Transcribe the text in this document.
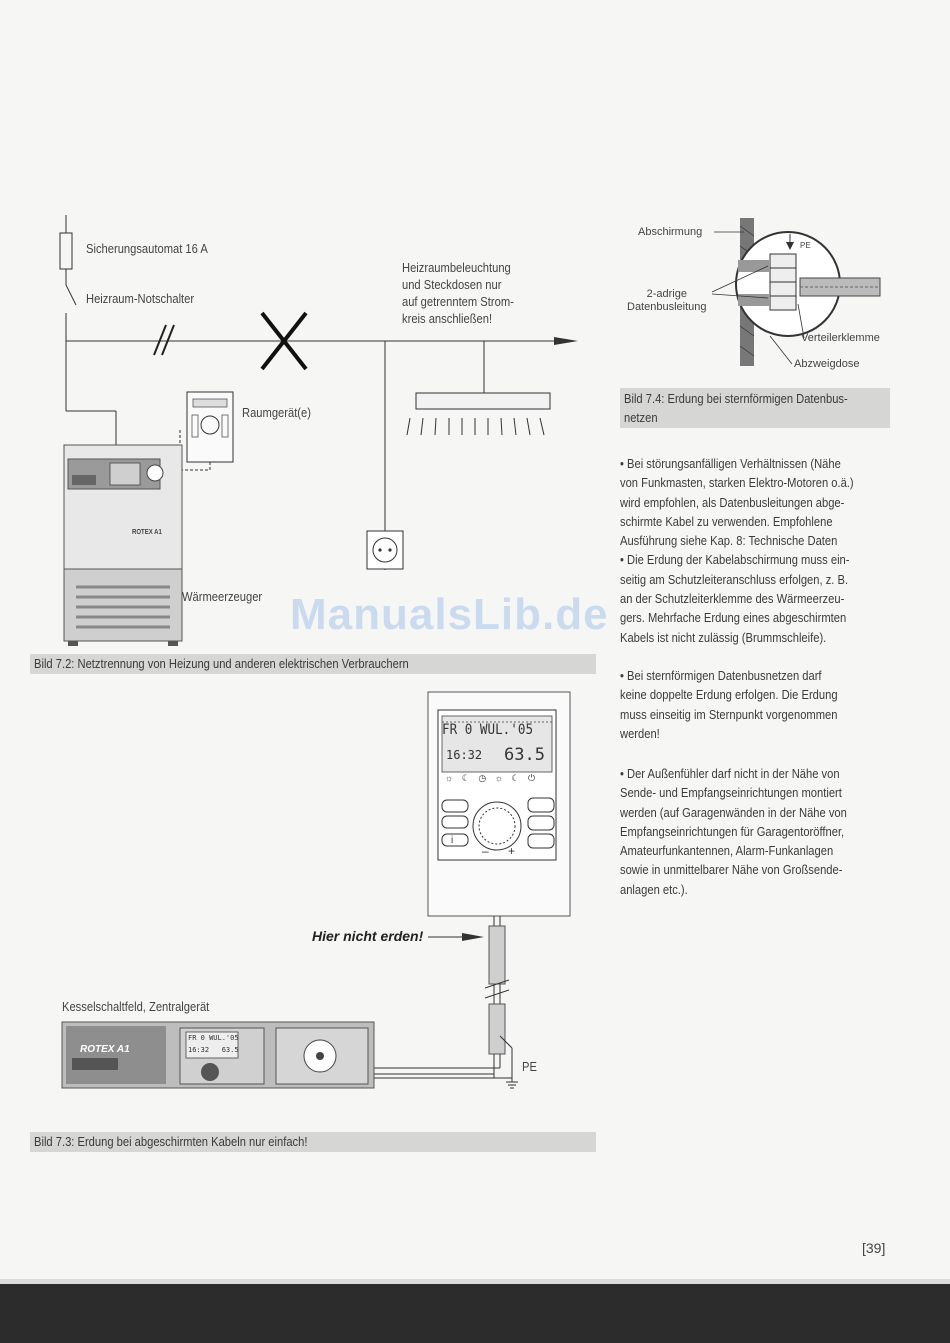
Sicherungsautomat 16 A
Heizraum-Notschalter
Heizraumbeleuchtung
und Steckdosen nur
auf getrenntem Strom-
kreis anschließen!
Raumgerät(e)
Wärmeerzeuger
ROTEX A1
Bild 7.2: Netztrennung von Heizung und anderen elektrischen Verbrauchern
– +
FR 0 WUL.'05
16:32 63.5
☼ ☾ ◷ ☼ ☾ ⏻
i
Hier nicht erden!
Kesselschaltfeld, Zentralgerät
ROTEX A1
FR 0 WUL.'05
16:32   63.5
PE
Bild 7.3: Erdung bei abgeschirmten Kabeln nur einfach!
Abschirmung
PE
2-adrige
Datenbusleitung
Verteilerklemme
Abzweigdose
Bild 7.4: Erdung bei sternförmigen Datenbus-
netzen

• Bei störungsanfälligen Verhältnissen (Nähe

von Funkmasten, starken Elektro-Motoren o.ä.)

wird empfohlen, als Datenbusleitungen abge-

schirmte Kabel zu verwenden. Empfohlene

Ausführung siehe Kap. 8: Technische Daten

• Die Erdung der Kabelabschirmung muss ein-

seitig am Schutzleiteranschluss erfolgen, z. B.

an der Schutzleiterklemme des Wärmeerzeu-

gers. Mehrfache Erdung eines abgeschirmten

Kabels ist nicht zulässig (Brummschleife).

• Bei sternförmigen Datenbusnetzen darf

keine doppelte Erdung erfolgen. Die Erdung

muss einseitig im Sternpunkt vorgenommen

werden!

• Der Außenfühler darf nicht in der Nähe von

Sende- und Empfangseinrichtungen montiert

werden (auf Garagenwänden in der Nähe von

Empfangseinrichtungen für Garagentoröffner,

Amateurfunkantennen, Alarm-Funkanlagen

sowie in unmittelbarer Nähe von Großsende-

anlagen etc.).

ManualsLib.de
[39]
